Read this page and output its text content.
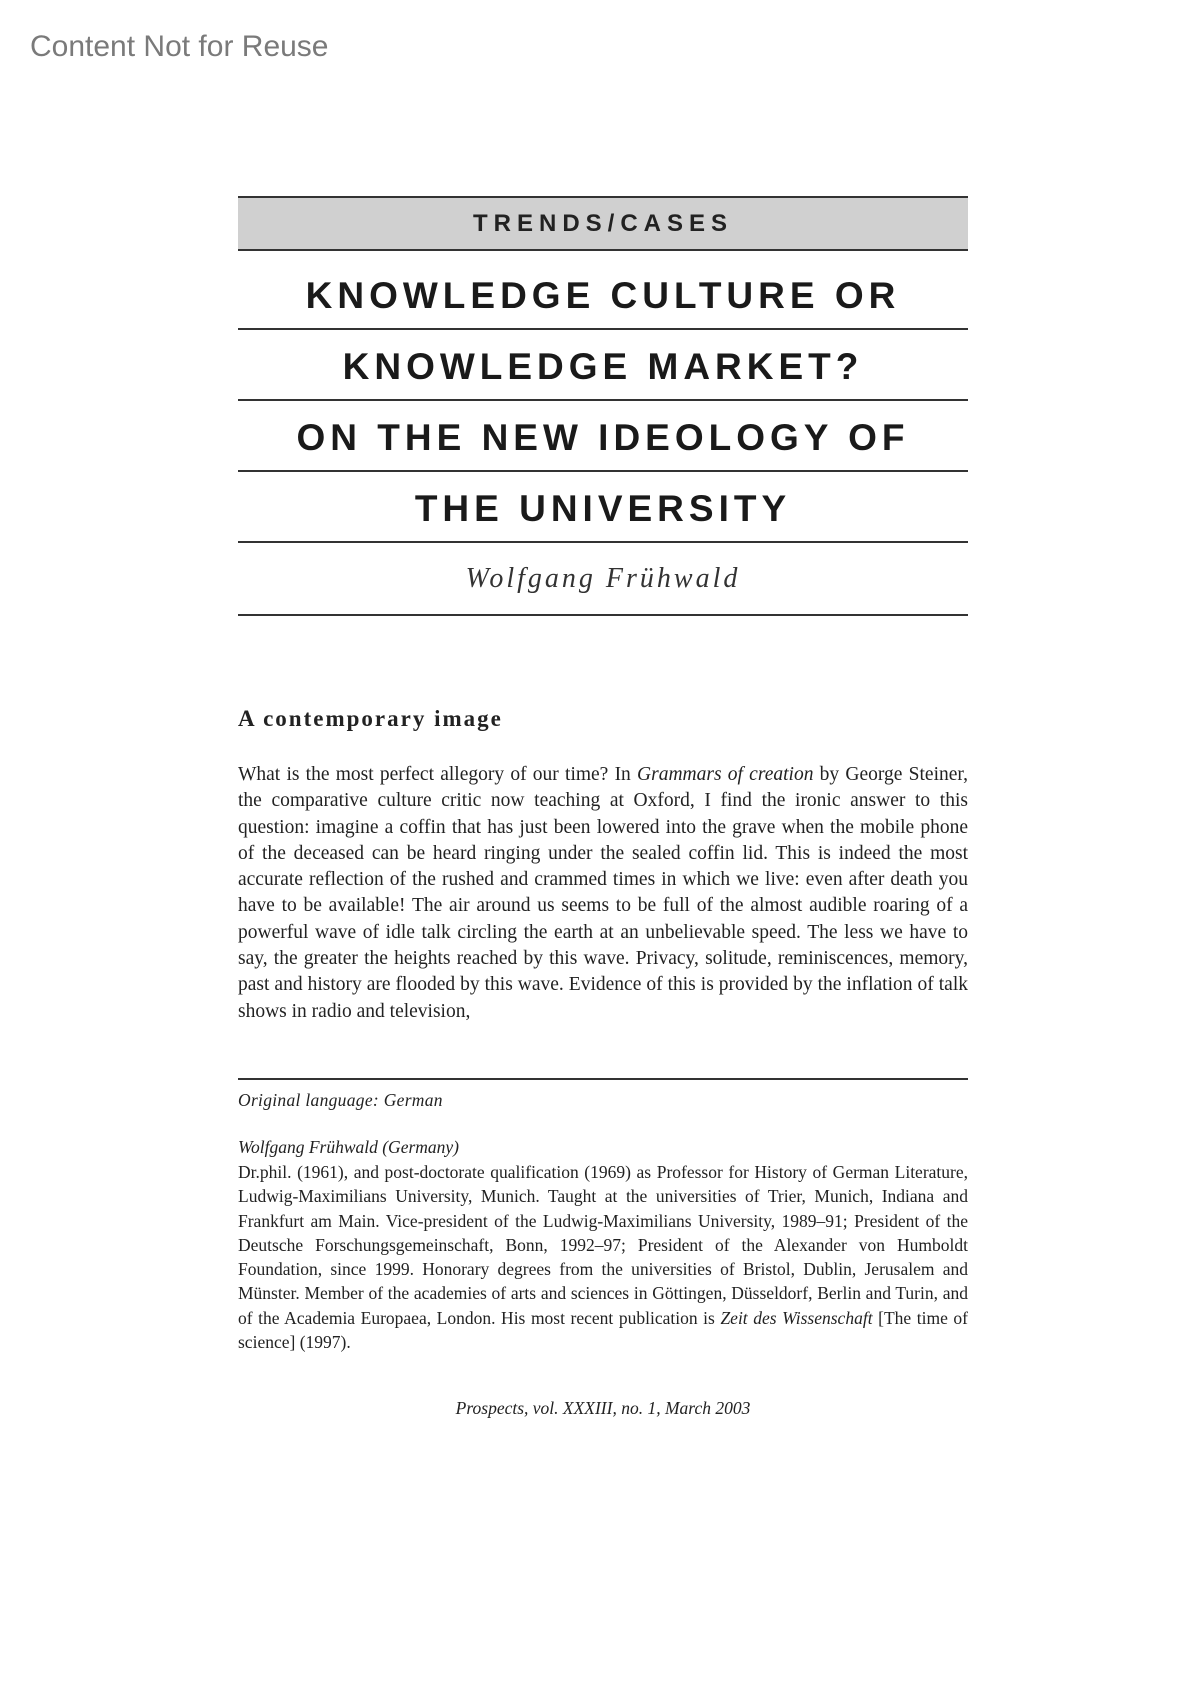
Content Not for Reuse
TRENDS/CASES
KNOWLEDGE CULTURE OR
KNOWLEDGE MARKET?
ON THE NEW IDEOLOGY OF
THE UNIVERSITY
Wolfgang Frühwald
A contemporary image
What is the most perfect allegory of our time? In Grammars of creation by George Steiner, the comparative culture critic now teaching at Oxford, I find the ironic answer to this question: imagine a coffin that has just been lowered into the grave when the mobile phone of the deceased can be heard ringing under the sealed coffin lid. This is indeed the most accurate reflection of the rushed and crammed times in which we live: even after death you have to be available! The air around us seems to be full of the almost audible roaring of a powerful wave of idle talk circling the earth at an unbelievable speed. The less we have to say, the greater the heights reached by this wave. Privacy, solitude, reminiscences, memory, past and history are flooded by this wave. Evidence of this is provided by the inflation of talk shows in radio and television,
Original language: German
Wolfgang Frühwald (Germany)
Dr.phil. (1961), and post-doctorate qualification (1969) as Professor for History of German Literature, Ludwig-Maximilians University, Munich. Taught at the universities of Trier, Munich, Indiana and Frankfurt am Main. Vice-president of the Ludwig-Maximilians University, 1989–91; President of the Deutsche Forschungsgemeinschaft, Bonn, 1992–97; President of the Alexander von Humboldt Foundation, since 1999. Honorary degrees from the universities of Bristol, Dublin, Jerusalem and Münster. Member of the academies of arts and sciences in Göttingen, Düsseldorf, Berlin and Turin, and of the Academia Europaea, London. His most recent publication is Zeit des Wissenschaft [The time of science] (1997).
Prospects, vol. XXXIII, no. 1, March 2003
